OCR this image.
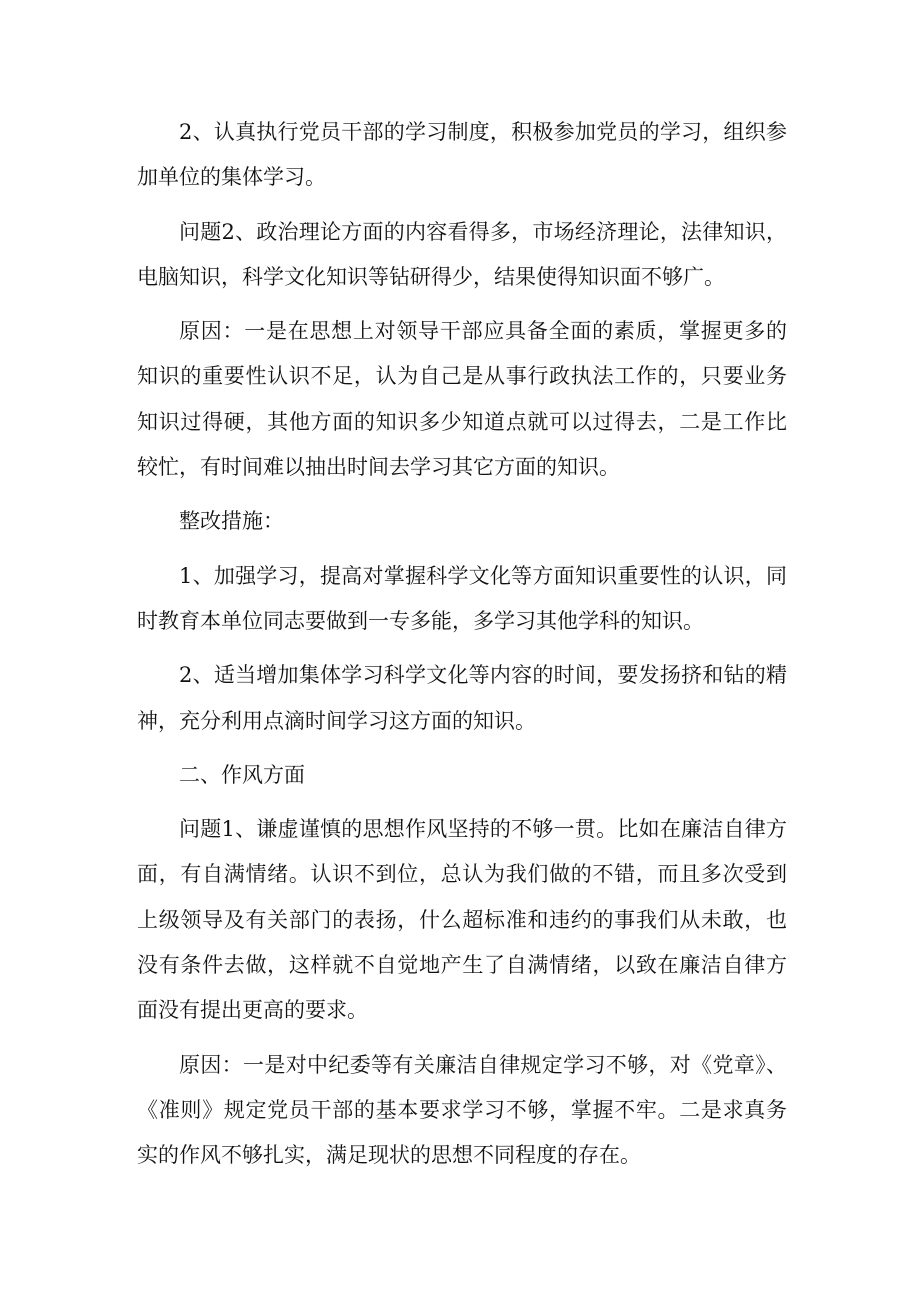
2、认真执行党员干部的学习制度，积极参加党员的学习，组织参加单位的集体学习。

问题2、政治理论方面的内容看得多，市场经济理论，法律知识，电脑知识，科学文化知识等钻研得少，结果使得知识面不够广。

原因：一是在思想上对领导干部应具备全面的素质，掌握更多的知识的重要性认识不足，认为自己是从事行政执法工作的，只要业务知识过得硬，其他方面的知识多少知道点就可以过得去，二是工作比较忙，有时间难以抽出时间去学习其它方面的知识。

整改措施：

1、加强学习，提高对掌握科学文化等方面知识重要性的认识，同时教育本单位同志要做到一专多能，多学习其他学科的知识。

2、适当增加集体学习科学文化等内容的时间，要发扬挤和钻的精神，充分利用点滴时间学习这方面的知识。

二、作风方面

问题1、谦虚谨慎的思想作风坚持的不够一贯。比如在廉洁自律方面，有自满情绪。认识不到位，总认为我们做的不错，而且多次受到上级领导及有关部门的表扬，什么超标准和违约的事我们从未敢，也没有条件去做，这样就不自觉地产生了自满情绪，以致在廉洁自律方面没有提出更高的要求。

原因：一是对中纪委等有关廉洁自律规定学习不够，对《党章》、《准则》规定党员干部的基本要求学习不够，掌握不牢。二是求真务实的作风不够扎实，满足现状的思想不同程度的存在。
